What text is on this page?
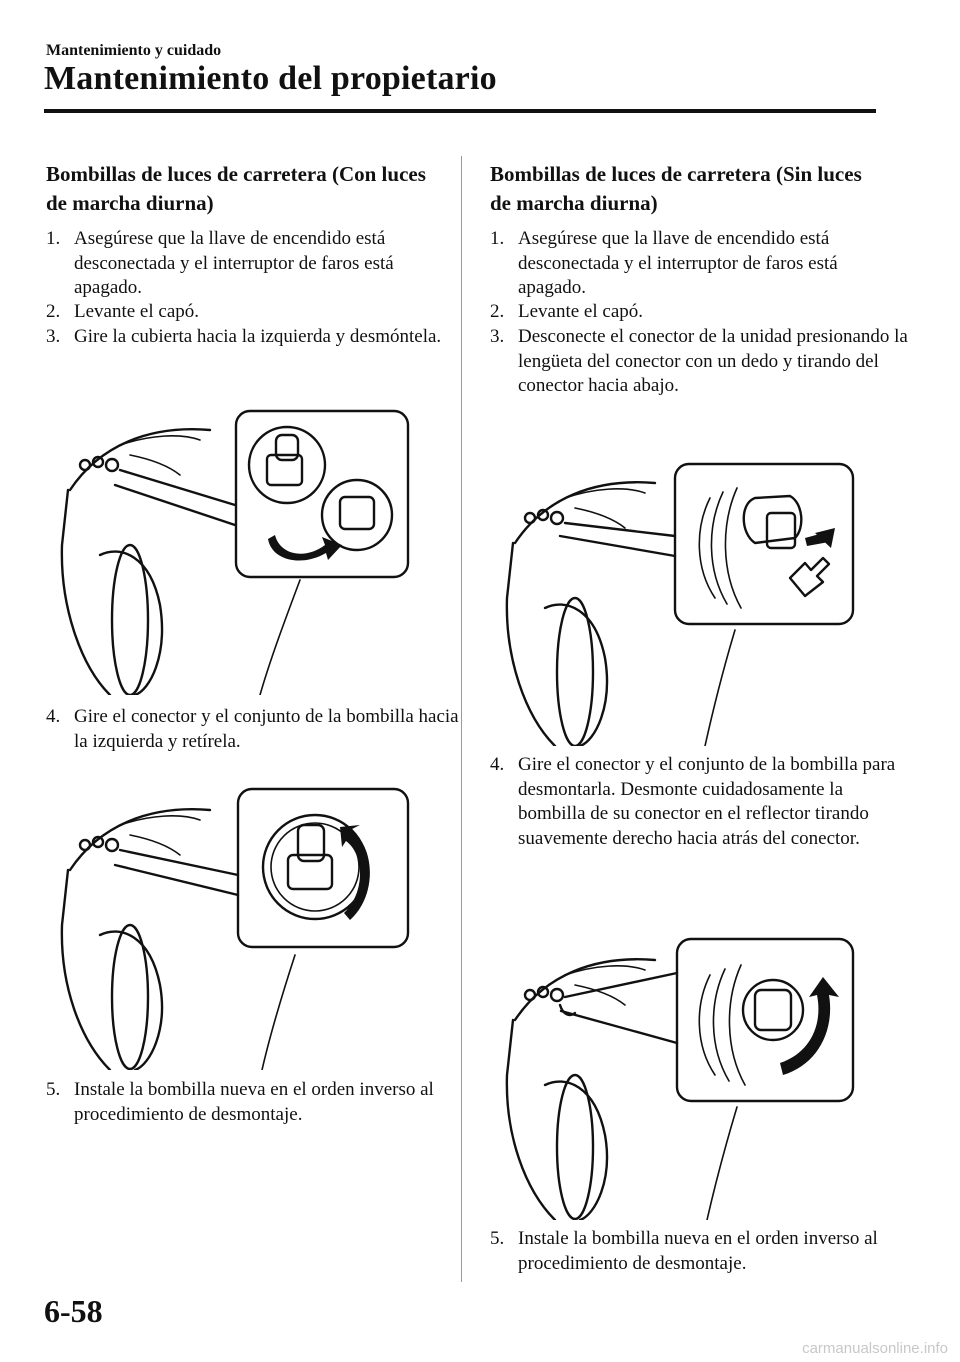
Mantenimiento y cuidado
Mantenimiento del propietario

Bombillas de luces de carretera (Con luces de marcha diurna)

1. Asegúrese que la llave de encendido está desconectada y el interruptor de faros está apagado.
2. Levante el capó.
3. Gire la cubierta hacia la izquierda y desmóntela.
4. Gire el conector y el conjunto de la bombilla hacia la izquierda y retírela.
5. Instale la bombilla nueva en el orden inverso al procedimiento de desmontaje.

Bombillas de luces de carretera (Sin luces de marcha diurna)

1. Asegúrese que la llave de encendido está desconectada y el interruptor de faros está apagado.
2. Levante el capó.
3. Desconecte el conector de la unidad presionando la lengüeta del conector con un dedo y tirando del conector hacia abajo.
4. Gire el conector y el conjunto de la bombilla para desmontarla. Desmonte cuidadosamente la bombilla de su conector en el reflector tirando suavemente derecho hacia atrás del conector.
5. Instale la bombilla nueva en el orden inverso al procedimiento de desmontaje.
6-58
carmanualsonline.info
